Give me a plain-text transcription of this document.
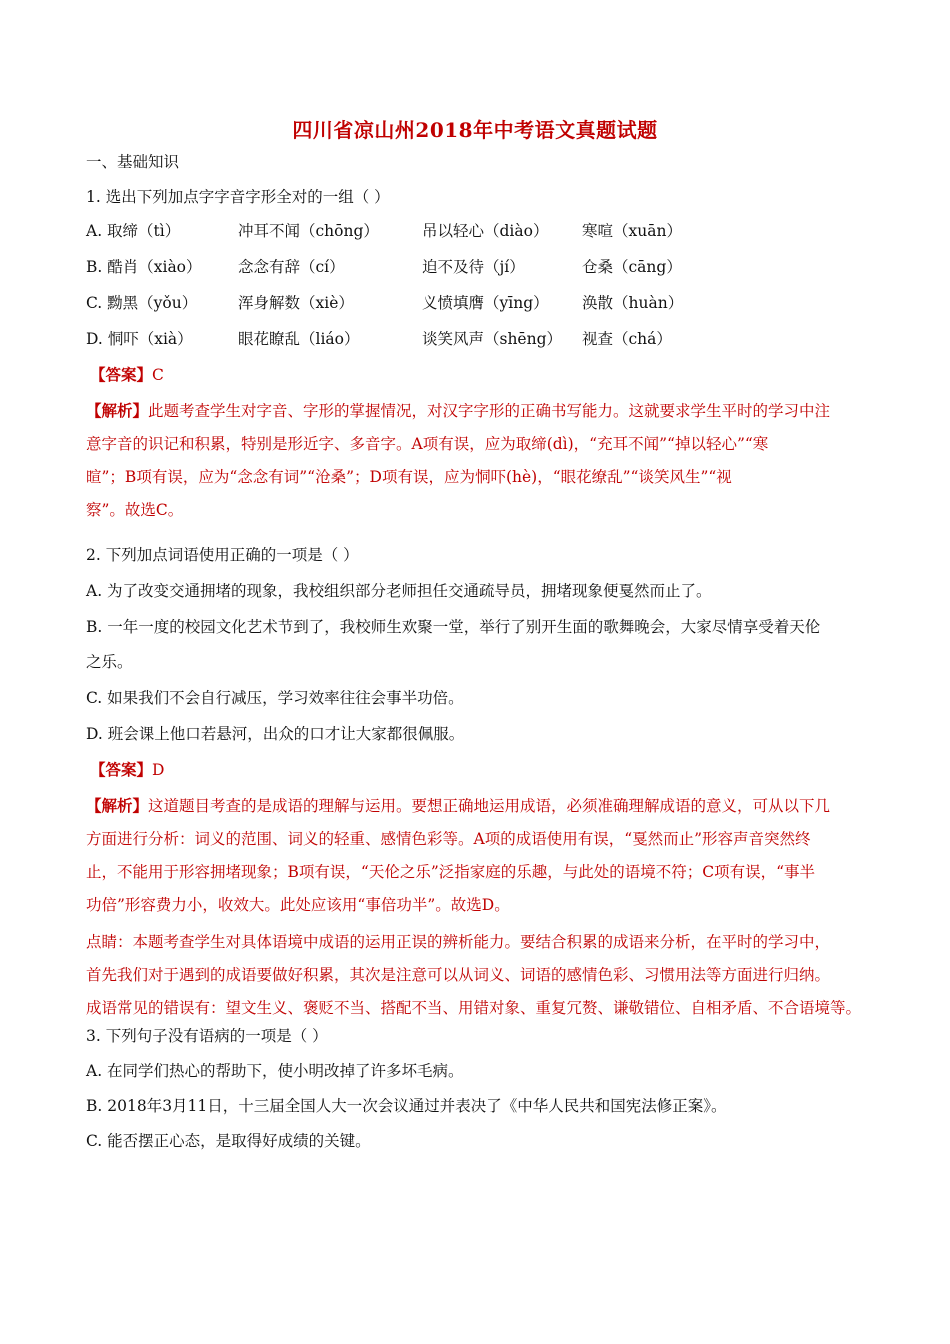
四川省凉山州2018年中考语文真题试题
一、基础知识
1. 选出下列加点字字音字形全对的一组（ ）
A. 取缔（tì）	冲耳不闻（chōng）	吊以轻心（diào） 寒喧（xuān）
B. 酷肖（xiào） 念念有辞（cí）	迫不及待（jí）	仓桑（cāng）
C. 黝黑（yǒu）	浑身解数（xiè）	义愤填膺（yīng） 涣散（huàn）
D. 恫吓（xià）	眼花瞭乱（liáo）	谈笑风声（shēng） 视查（chá）
【答案】C
【解析】此题考查学生对字音、字形的掌握情况，对汉字字形的正确书写能力。这就要求学生平时的学习中注
意字音的识记和积累，特别是形近字、多音字。A项有误，应为取缔(dì)，“充耳不闻”“掉以轻心”“寒
暄”；B项有误，应为“念念有词”“沧桑”；D项有误，应为恫吓(hè)，“眼花缭乱”“谈笑风生”“视
察”。故选C。
2. 下列加点词语使用正确的一项是（ ）
A. 为了改变交通拥堵的现象，我校组织部分老师担任交通疏导员，拥堵现象便戛然而止了。
B. 一年一度的校园文化艺术节到了，我校师生欢聚一堂，举行了别开生面的歌舞晚会，大家尽情享受着天伦
之乐。
C. 如果我们不会自行减压，学习效率往往会事半功倍。
D. 班会课上他口若悬河，出众的口才让大家都很佩服。
【答案】D
【解析】这道题目考查的是成语的理解与运用。要想正确地运用成语，必须准确理解成语的意义，可从以下几
方面进行分析：词义的范围、词义的轻重、感情色彩等。A项的成语使用有误，“戛然而止”形容声音突然终
止，不能用于形容拥堵现象；B项有误，“天伦之乐”泛指家庭的乐趣，与此处的语境不符；C项有误，“事半
功倍”形容费力小，收效大。此处应该用“事倍功半”。故选D。
点睛：本题考查学生对具体语境中成语的运用正误的辨析能力。要结合积累的成语来分析，在平时的学习中，
首先我们对于遇到的成语要做好积累，其次是注意可以从词义、词语的感情色彩、习惯用法等方面进行归纳。
成语常见的错误有：望文生义、褒贬不当、搭配不当、用错对象、重复冗赘、谦敬错位、自相矛盾、不合语境等。
3. 下列句子没有语病的一项是（ ）
A. 在同学们热心的帮助下，使小明改掉了许多坏毛病。
B. 2018年3月11日，十三届全国人大一次会议通过并表决了《中华人民共和国宪法修正案》。
C. 能否摆正心态，是取得好成绩的关键。
